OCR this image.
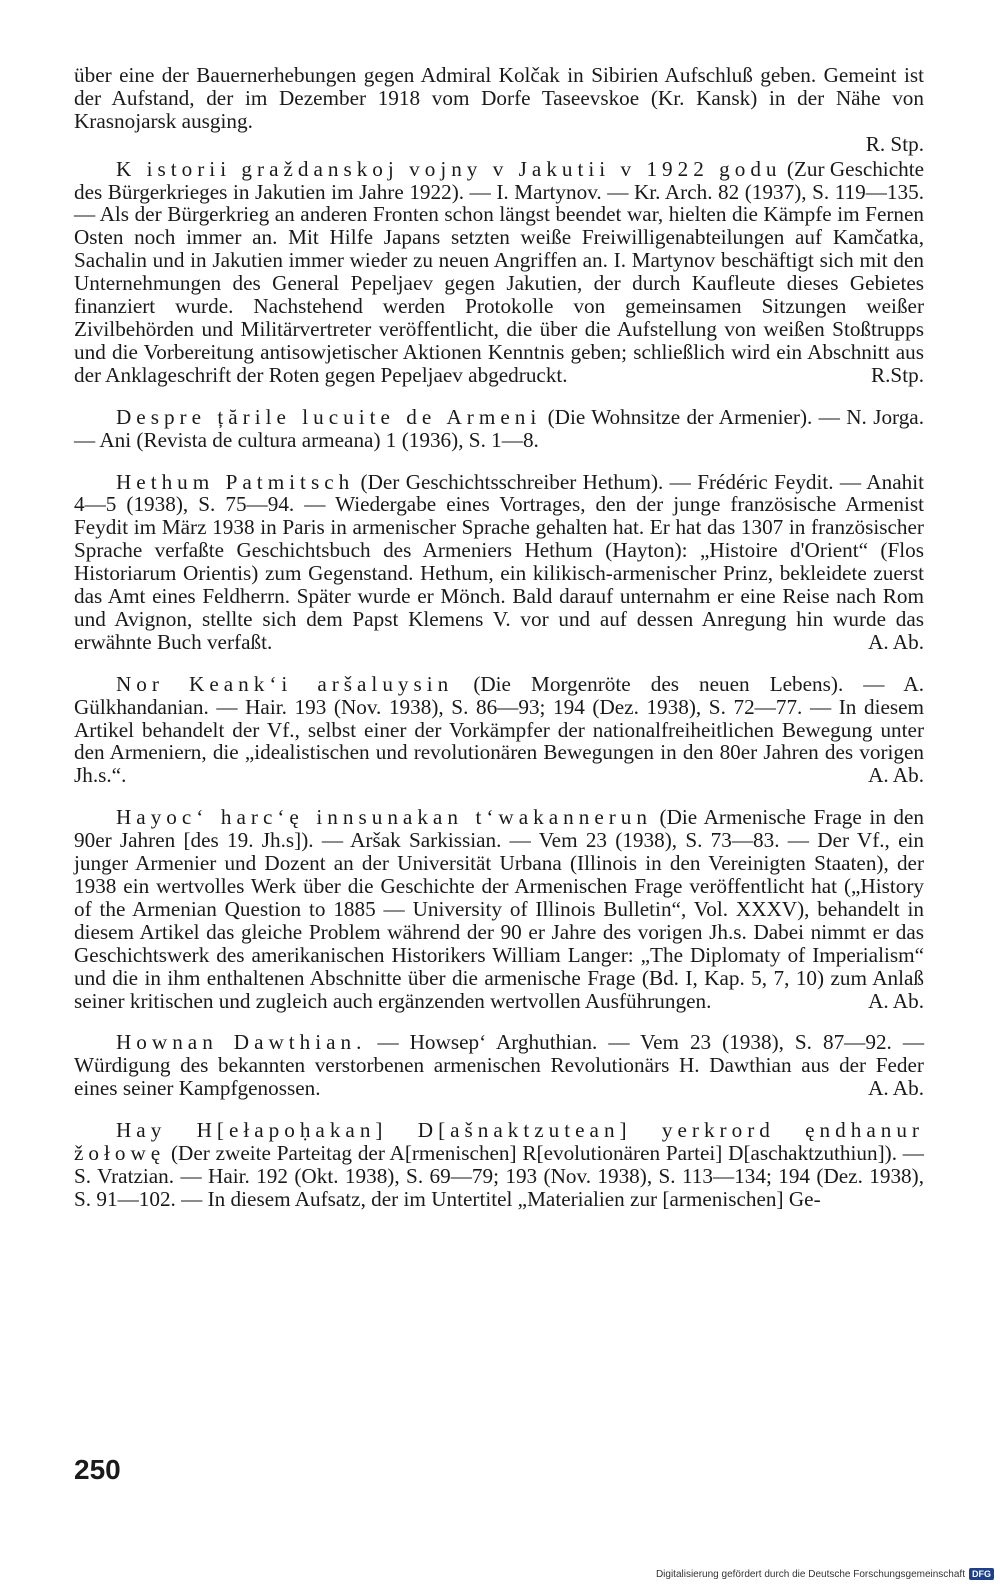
über eine der Bauernerhebungen gegen Admiral Kolčak in Sibirien Aufschluß geben. Gemeint ist der Aufstand, der im Dezember 1918 vom Dorfe Taseevskoe (Kr. Kansk) in der Nähe von Krasnojarsk ausging.

R. Stp.

K istorii graždanskoj vojny v Jakutii v 1922 godu (Zur Geschichte des Bürgerkrieges in Jakutien im Jahre 1922). — I. Martynov. — Kr. Arch. 82 (1937), S. 119—135. — Als der Bürgerkrieg an anderen Fronten schon längst beendet war, hielten die Kämpfe im Fernen Osten noch immer an. Mit Hilfe Japans setzten weiße Freiwilligenabteilungen auf Kamčatka, Sachalin und in Jakutien immer wieder zu neuen Angriffen an. I. Martynov beschäftigt sich mit den Unternehmungen des General Pepeljaev gegen Jakutien, der durch Kaufleute dieses Gebietes finanziert wurde. Nachstehend werden Protokolle von gemeinsamen Sitzungen weißer Zivilbehörden und Militärvertreter veröffentlicht, die über die Aufstellung von weißen Stoßtrupps und die Vorbereitung antisowjetischer Aktionen Kenntnis geben; schließlich wird ein Abschnitt aus der Anklageschrift der Roten gegen Pepeljaev abgedruckt.	R.Stp.

Despre țările lucuite de Armeni (Die Wohnsitze der Armenier). — N. Jorga. — Ani (Revista de cultura armeana) 1 (1936), S. 1—8.

Hethum Patmitsch (Der Geschichtsschreiber Hethum). — Frédéric Feydit. — Anahit 4—5 (1938), S. 75—94. — Wiedergabe eines Vortrages, den der junge französische Armenist Feydit im März 1938 in Paris in armenischer Sprache gehalten hat. Er hat das 1307 in französischer Sprache verfaßte Geschichtsbuch des Armeniers Hethum (Hayton): „Histoire d'Orient“ (Flos Historiarum Orientis) zum Gegenstand. Hethum, ein kilikisch-armenischer Prinz, bekleidete zuerst das Amt eines Feldherrn. Später wurde er Mönch. Bald darauf unternahm er eine Reise nach Rom und Avignon, stellte sich dem Papst Klemens V. vor und auf dessen Anregung hin wurde das erwähnte Buch verfaßt.	A. Ab.

Nor Keank‘i aršaluysin (Die Morgenröte des neuen Lebens). — A. Gülkhandanian. — Hair. 193 (Nov. 1938), S. 86—93; 194 (Dez. 1938), S. 72—77. — In diesem Artikel behandelt der Vf., selbst einer der Vorkämpfer der nationalfreiheitlichen Bewegung unter den Armeniern, die „idealistischen und revolutionären Bewegungen in den 80er Jahren des vorigen Jh.s.“.	A. Ab.

Hayoc‘ harc‘ę innsunakan t‘wakannerun (Die Armenische Frage in den 90er Jahren [des 19. Jh.s]). — Aršak Sarkissian. — Vem 23 (1938), S. 73—83. — Der Vf., ein junger Armenier und Dozent an der Universität Urbana (Illinois in den Vereinigten Staaten), der 1938 ein wertvolles Werk über die Geschichte der Armenischen Frage veröffentlicht hat („History of the Armenian Question to 1885 — University of Illinois Bulletin“, Vol. XXXV), behandelt in diesem Artikel das gleiche Problem während der 90 er Jahre des vorigen Jh.s. Dabei nimmt er das Geschichtswerk des amerikanischen Historikers William Langer: „The Diplomaty of Imperialism“ und die in ihm enthaltenen Abschnitte über die armenische Frage (Bd. I, Kap. 5, 7, 10) zum Anlaß seiner kritischen und zugleich auch ergänzenden wertvollen Ausführungen.	A. Ab.

Hownan Dawthian. — Howsep‘ Arghuthian. — Vem 23 (1938), S. 87—92. — Würdigung des bekannten verstorbenen armenischen Revolutionärs H. Dawthian aus der Feder eines seiner Kampfgenossen.	A. Ab.

Hay H[ełapoḥakan] D[ašnaktzutean] yerkrord ęndhanur žołowę (Der zweite Parteitag der A[rmenischen] R[evolutionären Partei] D[aschaktzuthiun]). — S. Vratzian. — Hair. 192 (Okt. 1938), S. 69—79; 193 (Nov. 1938), S. 113—134; 194 (Dez. 1938), S. 91—102. — In diesem Aufsatz, der im Untertitel „Materialien zur [armenischen] Ge-

250
Digitalisierung gefördert durch die Deutsche Forschungsgemeinschaft DFG
